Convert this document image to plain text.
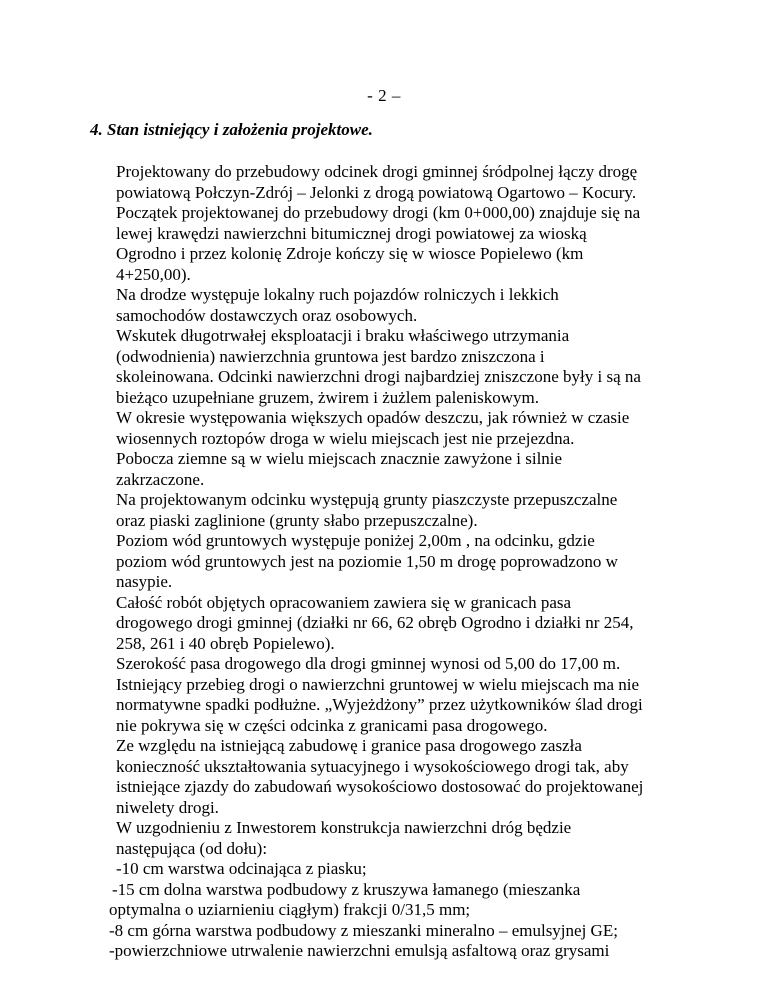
- 2 –
4. Stan istniejący i założenia projektowe.
Projektowany do przebudowy odcinek drogi gminnej śródpolnej łączy drogę
powiatową Połczyn-Zdrój – Jelonki z drogą powiatową Ogartowo – Kocury.
Początek projektowanej do przebudowy drogi (km 0+000,00) znajduje się na
lewej krawędzi nawierzchni bitumicznej drogi powiatowej za wioską
Ogrodno i przez kolonię Zdroje kończy się w wiosce Popielewo (km
4+250,00).
Na drodze występuje lokalny ruch pojazdów rolniczych i lekkich
samochodów dostawczych oraz osobowych.
Wskutek długotrwałej eksploatacji i braku właściwego utrzymania
(odwodnienia) nawierzchnia gruntowa jest bardzo zniszczona i
skoleinowana. Odcinki nawierzchni drogi najbardziej zniszczone były i są na
bieżąco uzupełniane gruzem, żwirem i żużlem paleniskowym.
W okresie występowania większych opadów deszczu, jak również w czasie
wiosennych roztopów droga w wielu miejscach jest nie przejezdna.
Pobocza ziemne są w wielu miejscach znacznie zawyżone i silnie
zakrzaczone.
Na projektowanym odcinku występują grunty piaszczyste przepuszczalne
oraz piaski zaglinione (grunty słabo przepuszczalne).
Poziom wód gruntowych występuje poniżej 2,00m , na odcinku, gdzie
poziom wód gruntowych jest na poziomie 1,50 m drogę poprowadzono w
nasypie.
Całość robót objętych opracowaniem zawiera się w granicach pasa
drogowego drogi gminnej (działki nr 66, 62 obręb Ogrodno i działki nr 254,
258, 261 i 40 obręb Popielewo).
Szerokość pasa drogowego dla drogi gminnej wynosi od 5,00 do 17,00 m.
Istniejący przebieg drogi o nawierzchni gruntowej w wielu miejscach ma nie
normatywne spadki podłużne. „Wyjeżdżony” przez użytkowników ślad drogi
nie pokrywa się w części odcinka z granicami pasa drogowego.
Ze względu na istniejącą zabudowę i granice pasa drogowego zaszła
konieczność ukształtowania sytuacyjnego i wysokościowego drogi tak, aby
istniejące zjazdy do zabudowań wysokościowo dostosować do projektowanej
niwelety drogi.
W uzgodnieniu z Inwestorem konstrukcja nawierzchni dróg będzie
następująca (od dołu):
-10 cm warstwa odcinająca z piasku;
-15 cm dolna warstwa podbudowy z kruszywa łamanego (mieszanka
optymalna o uziarnieniu ciągłym) frakcji 0/31,5 mm;
-8 cm górna warstwa podbudowy z mieszanki mineralno – emulsyjnej GE;
-powierzchniowe utrwalenie nawierzchni emulsją asfaltową oraz grysami
